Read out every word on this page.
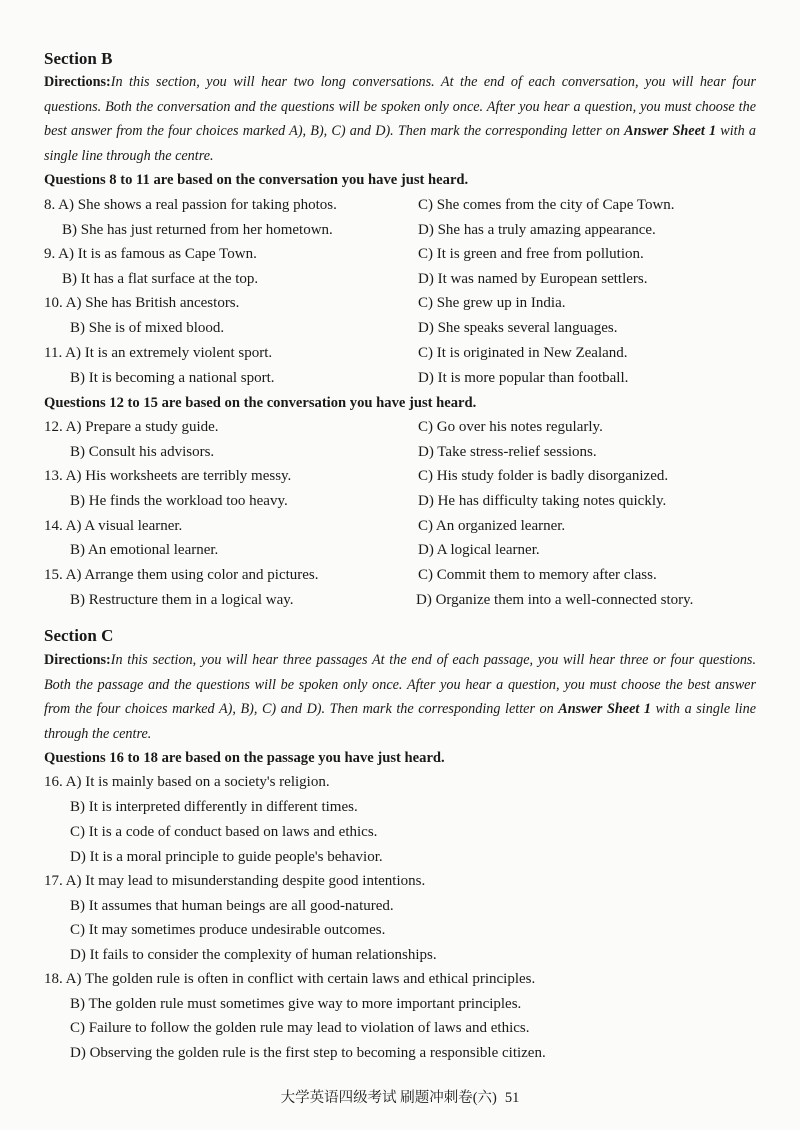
Section B
Directions:In this section, you will hear two long conversations. At the end of each conversation, you will hear four questions. Both the conversation and the questions will be spoken only once. After you hear a question, you must choose the best answer from the four choices marked A), B), C) and D). Then mark the corresponding letter on Answer Sheet 1 with a single line through the centre.
Questions 8 to 11 are based on the conversation you have just heard.
8. A) She shows a real passion for taking photos.	C) She comes from the city of Cape Town.
B) She has just returned from her hometown.	D) She has a truly amazing appearance.
9. A) It is as famous as Cape Town.	C) It is green and free from pollution.
B) It has a flat surface at the top.	D) It was named by European settlers.
10. A) She has British ancestors.	C) She grew up in India.
B) She is of mixed blood.	D) She speaks several languages.
11. A) It is an extremely violent sport.	C) It is originated in New Zealand.
B) It is becoming a national sport.	D) It is more popular than football.
Questions 12 to 15 are based on the conversation you have just heard.
12. A) Prepare a study guide.	C) Go over his notes regularly.
B) Consult his advisors.	D) Take stress-relief sessions.
13. A) His worksheets are terribly messy.	C) His study folder is badly disorganized.
B) He finds the workload too heavy.	D) He has difficulty taking notes quickly.
14. A) A visual learner.	C) An organized learner.
B) An emotional learner.	D) A logical learner.
15. A) Arrange them using color and pictures.	C) Commit them to memory after class.
B) Restructure them in a logical way.	D) Organize them into a well-connected story.
Section C
Directions:In this section, you will hear three passages At the end of each passage, you will hear three or four questions. Both the passage and the questions will be spoken only once. After you hear a question, you must choose the best answer from the four choices marked A), B), C) and D). Then mark the corresponding letter on Answer Sheet 1 with a single line through the centre.
Questions 16 to 18 are based on the passage you have just heard.
16. A) It is mainly based on a society's religion.
B) It is interpreted differently in different times.
C) It is a code of conduct based on laws and ethics.
D) It is a moral principle to guide people's behavior.
17. A) It may lead to misunderstanding despite good intentions.
B) It assumes that human beings are all good-natured.
C) It may sometimes produce undesirable outcomes.
D) It fails to consider the complexity of human relationships.
18. A) The golden rule is often in conflict with certain laws and ethical principles.
B) The golden rule must sometimes give way to more important principles.
C) Failure to follow the golden rule may lead to violation of laws and ethics.
D) Observing the golden rule is the first step to becoming a responsible citizen.
大学英语四级考试 刷题冲刺卷(六) 51
